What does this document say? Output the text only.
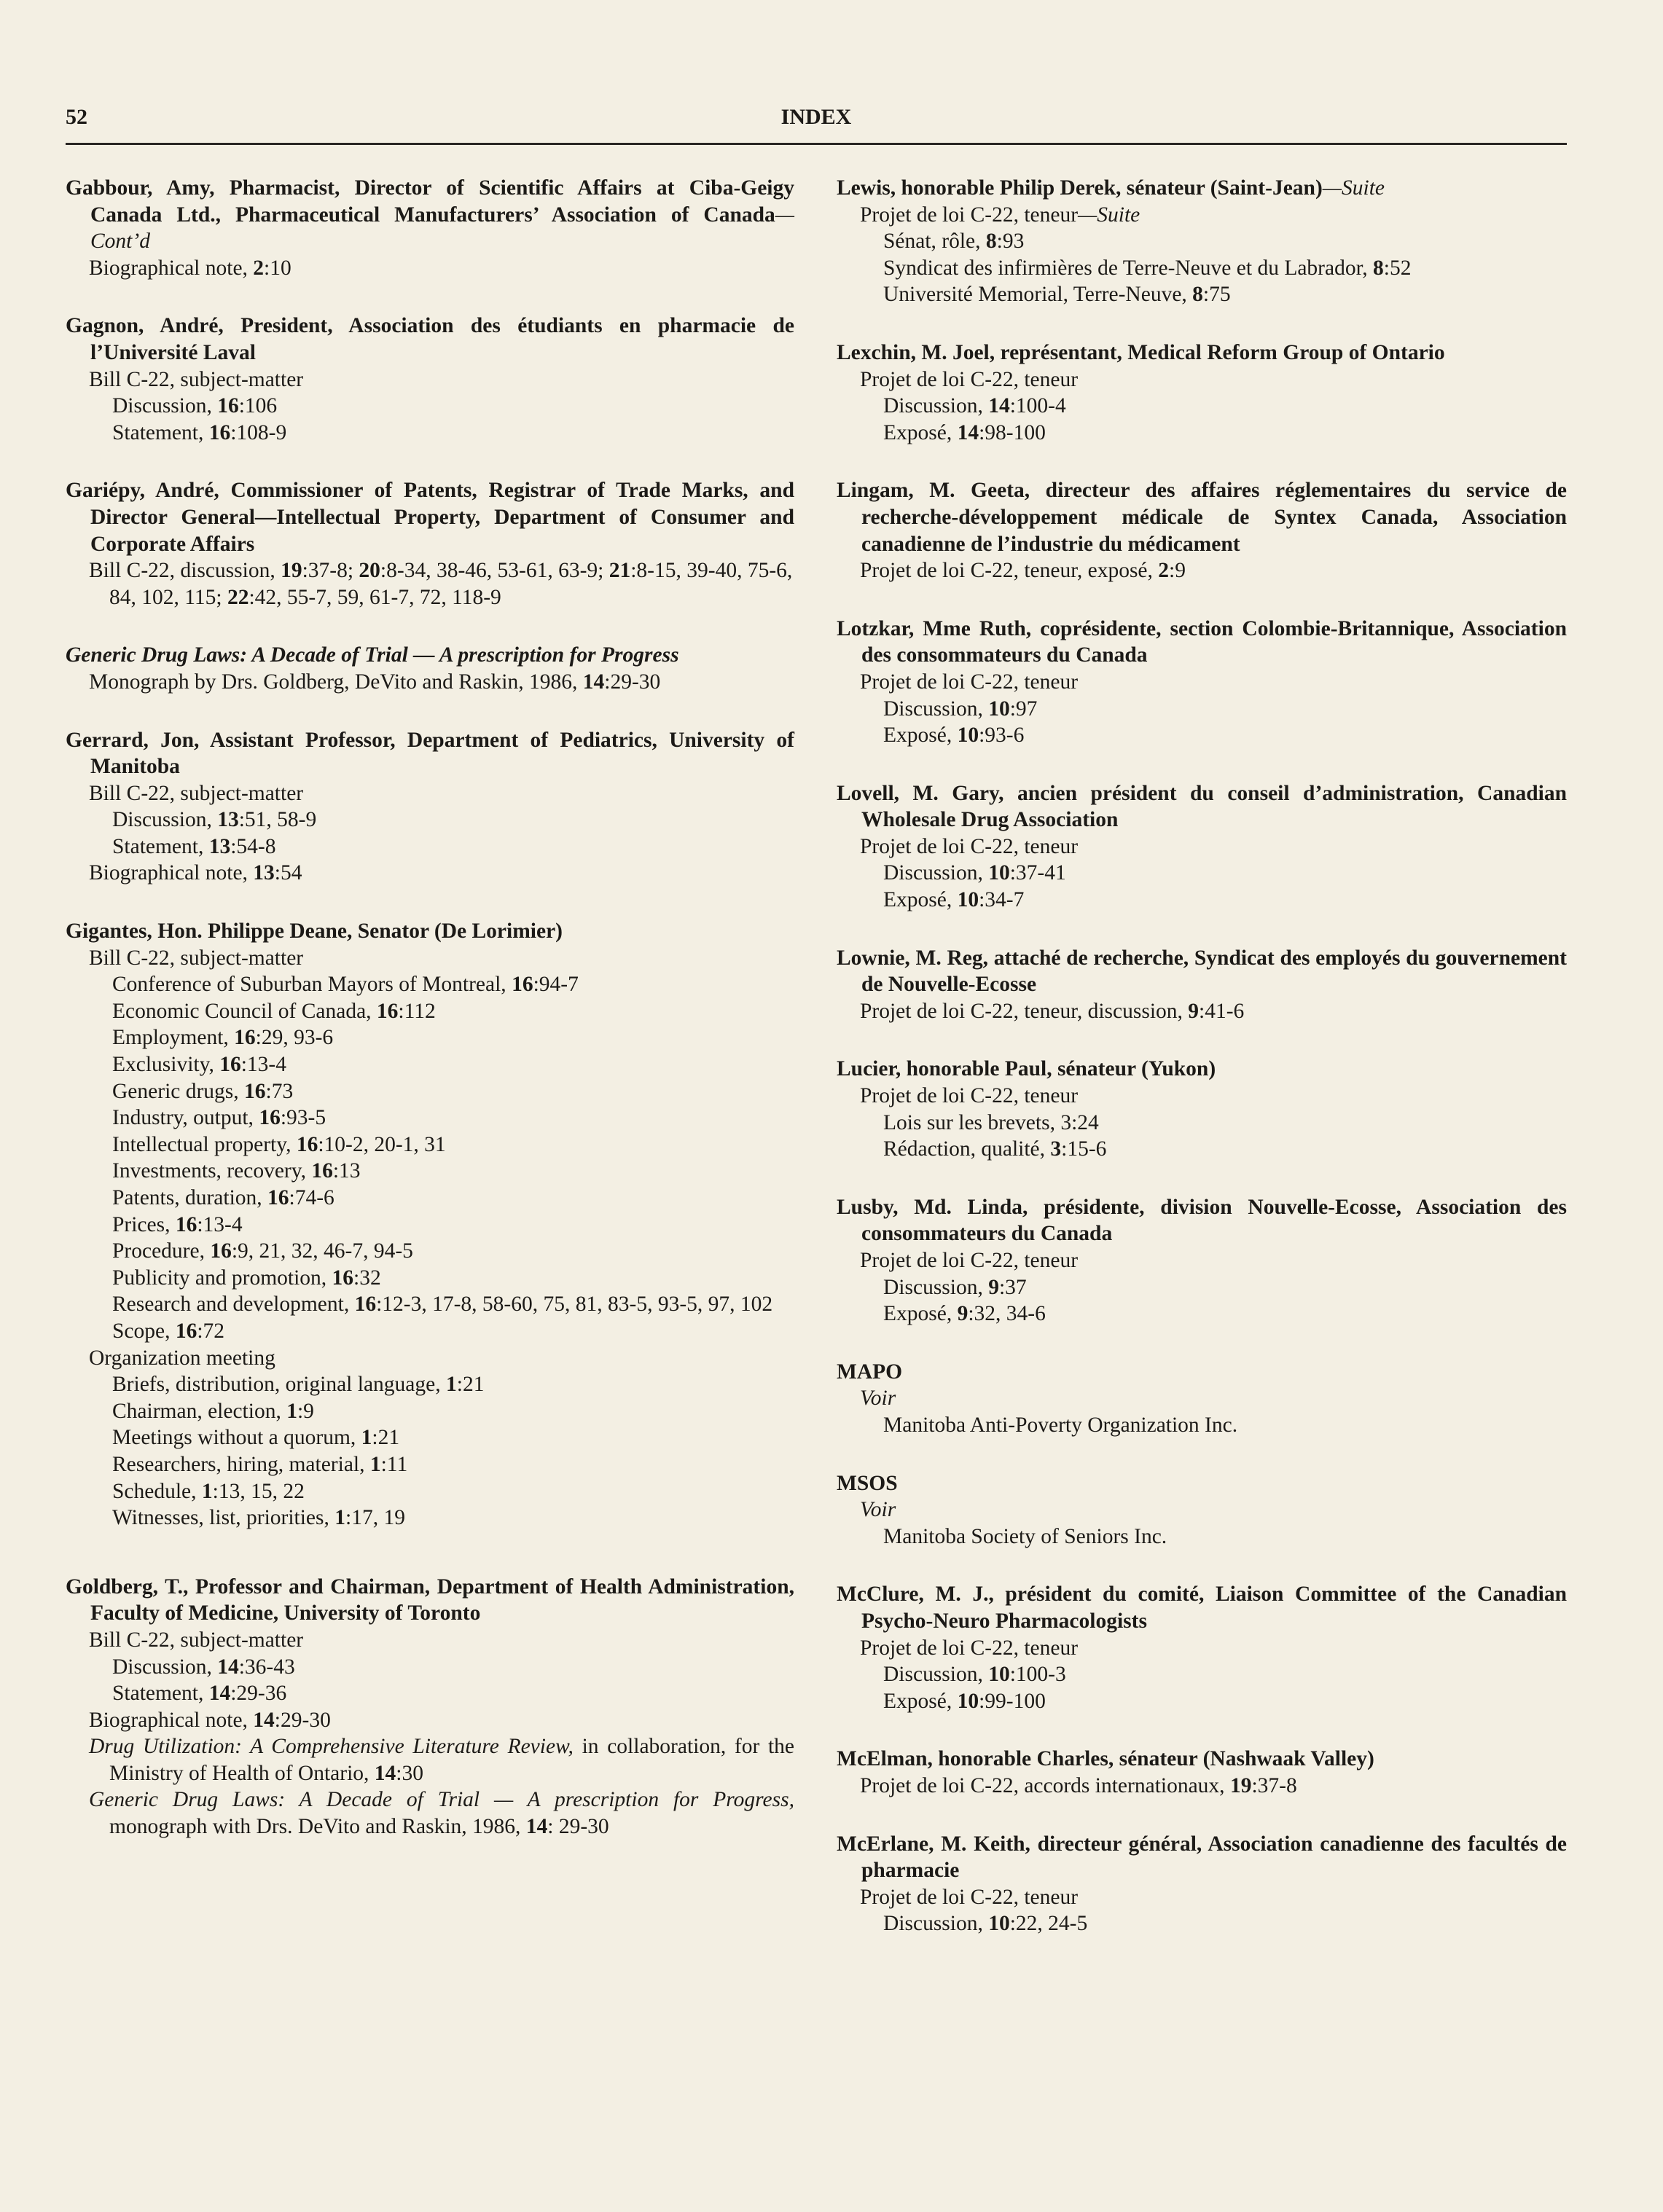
52	INDEX
Gabbour, Amy, Pharmacist, Director of Scientific Affairs at Ciba-Geigy Canada Ltd., Pharmaceutical Manufacturers’ Association of Canada—Cont’d
Biographical note, 2:10
Gagnon, André, President, Association des étudiants en pharmacie de l’Université Laval
Bill C-22, subject-matter
Discussion, 16:106
Statement, 16:108-9
Gariépy, André, Commissioner of Patents, Registrar of Trade Marks, and Director General—Intellectual Property, Department of Consumer and Corporate Affairs
Bill C-22, discussion, 19:37-8; 20:8-34, 38-46, 53-61, 63-9; 21:8-15, 39-40, 75-6, 84, 102, 115; 22:42, 55-7, 59, 61-7, 72, 118-9
Generic Drug Laws: A Decade of Trial — A prescription for Progress
Monograph by Drs. Goldberg, DeVito and Raskin, 1986, 14:29-30
Gerrard, Jon, Assistant Professor, Department of Pediatrics, University of Manitoba
Bill C-22, subject-matter
Discussion, 13:51, 58-9
Statement, 13:54-8
Biographical note, 13:54
Gigantes, Hon. Philippe Deane, Senator (De Lorimier)
Bill C-22, subject-matter
Conference of Suburban Mayors of Montreal, 16:94-7
Economic Council of Canada, 16:112
Employment, 16:29, 93-6
Exclusivity, 16:13-4
Generic drugs, 16:73
Industry, output, 16:93-5
Intellectual property, 16:10-2, 20-1, 31
Investments, recovery, 16:13
Patents, duration, 16:74-6
Prices, 16:13-4
Procedure, 16:9, 21, 32, 46-7, 94-5
Publicity and promotion, 16:32
Research and development, 16:12-3, 17-8, 58-60, 75, 81, 83-5, 93-5, 97, 102
Scope, 16:72
Organization meeting
Briefs, distribution, original language, 1:21
Chairman, election, 1:9
Meetings without a quorum, 1:21
Researchers, hiring, material, 1:11
Schedule, 1:13, 15, 22
Witnesses, list, priorities, 1:17, 19
Goldberg, T., Professor and Chairman, Department of Health Administration, Faculty of Medicine, University of Toronto
Bill C-22, subject-matter
Discussion, 14:36-43
Statement, 14:29-36
Biographical note, 14:29-30
Drug Utilization: A Comprehensive Literature Review, in collaboration, for the Ministry of Health of Ontario, 14:30
Generic Drug Laws: A Decade of Trial — A prescription for Progress, monograph with Drs. DeVito and Raskin, 1986, 14: 29-30
Lewis, honorable Philip Derek, sénateur (Saint-Jean)—Suite
Projet de loi C-22, teneur—Suite
Sénat, rôle, 8:93
Syndicat des infirmières de Terre-Neuve et du Labrador, 8:52
Université Memorial, Terre-Neuve, 8:75
Lexchin, M. Joel, représentant, Medical Reform Group of Ontario
Projet de loi C-22, teneur
Discussion, 14:100-4
Exposé, 14:98-100
Lingam, M. Geeta, directeur des affaires réglementaires du service de recherche-développement médicale de Syntex Canada, Association canadienne de l’industrie du médicament
Projet de loi C-22, teneur, exposé, 2:9
Lotzkar, Mme Ruth, coprésidente, section Colombie-Britannique, Association des consommateurs du Canada
Projet de loi C-22, teneur
Discussion, 10:97
Exposé, 10:93-6
Lovell, M. Gary, ancien président du conseil d’administration, Canadian Wholesale Drug Association
Projet de loi C-22, teneur
Discussion, 10:37-41
Exposé, 10:34-7
Lownie, M. Reg, attaché de recherche, Syndicat des employés du gouvernement de Nouvelle-Ecosse
Projet de loi C-22, teneur, discussion, 9:41-6
Lucier, honorable Paul, sénateur (Yukon)
Projet de loi C-22, teneur
Lois sur les brevets, 3:24
Rédaction, qualité, 3:15-6
Lusby, Md. Linda, présidente, division Nouvelle-Ecosse, Association des consommateurs du Canada
Projet de loi C-22, teneur
Discussion, 9:37
Exposé, 9:32, 34-6
MAPO
Voir
Manitoba Anti-Poverty Organization Inc.
MSOS
Voir
Manitoba Society of Seniors Inc.
McClure, M. J., président du comité, Liaison Committee of the Canadian Psycho-Neuro Pharmacologists
Projet de loi C-22, teneur
Discussion, 10:100-3
Exposé, 10:99-100
McElman, honorable Charles, sénateur (Nashwaak Valley)
Projet de loi C-22, accords internationaux, 19:37-8
McErlane, M. Keith, directeur général, Association canadienne des facultés de pharmacie
Projet de loi C-22, teneur
Discussion, 10:22, 24-5
